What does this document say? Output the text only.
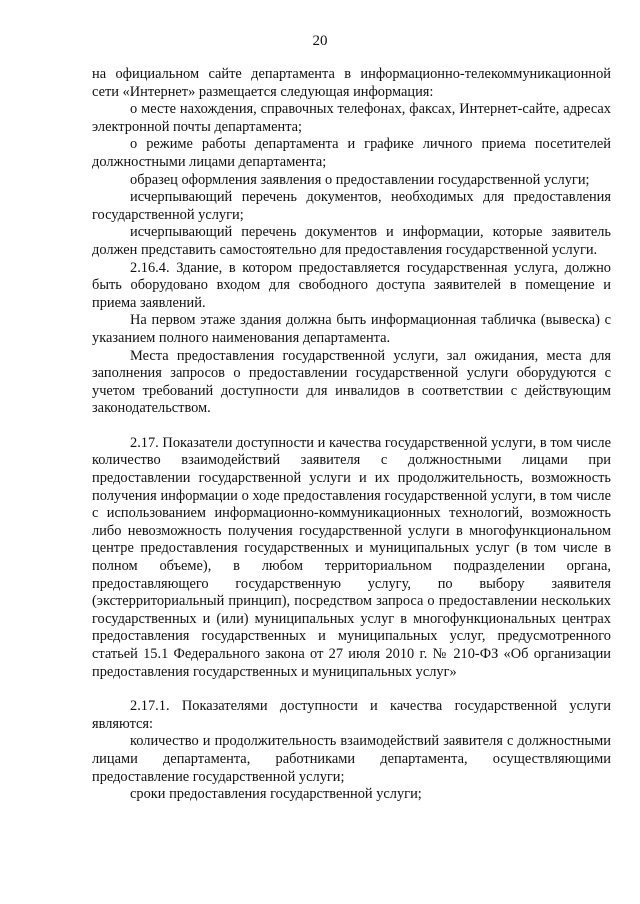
20

на официальном сайте департамента в информационно-телекоммуникационной сети «Интернет» размещается следующая информация:

о месте нахождения, справочных телефонах, факсах, Интернет-сайте, адресах электронной почты департамента;

о режиме работы департамента и графике личного приема посетителей должностными лицами департамента;

образец оформления заявления о предоставлении государственной услуги;

исчерпывающий перечень документов, необходимых для предоставления государственной услуги;

исчерпывающий перечень документов и информации, которые заявитель должен представить самостоятельно для предоставления государственной услуги.

2.16.4. Здание, в котором предоставляется государственная услуга, должно быть оборудовано входом для свободного доступа заявителей в помещение и приема заявлений.

На первом этаже здания должна быть информационная табличка (вывеска) с указанием полного наименования департамента.

Места предоставления государственной услуги, зал ожидания, места для заполнения запросов о предоставлении государственной услуги оборудуются с учетом требований доступности для инвалидов в соответствии с действующим законодательством.

2.17. Показатели доступности и качества государственной услуги, в том числе количество взаимодействий заявителя с должностными лицами при предоставлении государственной услуги и их продолжительность, возможность получения информации о ходе предоставления государственной услуги, в том числе с использованием информационно-коммуникационных технологий, возможность либо невозможность получения государственной услуги в многофункциональном центре предоставления государственных и муниципальных услуг (в том числе в полном объеме), в любом территориальном подразделении органа, предоставляющего государственную услугу, по выбору заявителя (экстерриториальный принцип), посредством запроса о предоставлении нескольких государственных и (или) муниципальных услуг в многофункциональных центрах предоставления государственных и муниципальных услуг, предусмотренного статьей 15.1 Федерального закона от 27 июля 2010 г. № 210-ФЗ «Об организации предоставления государственных и муниципальных услуг»

2.17.1. Показателями доступности и качества государственной услуги являются:

количество и продолжительность взаимодействий заявителя с должностными лицами департамента, работниками департамента, осуществляющими предоставление государственной услуги;

сроки предоставления государственной услуги;
